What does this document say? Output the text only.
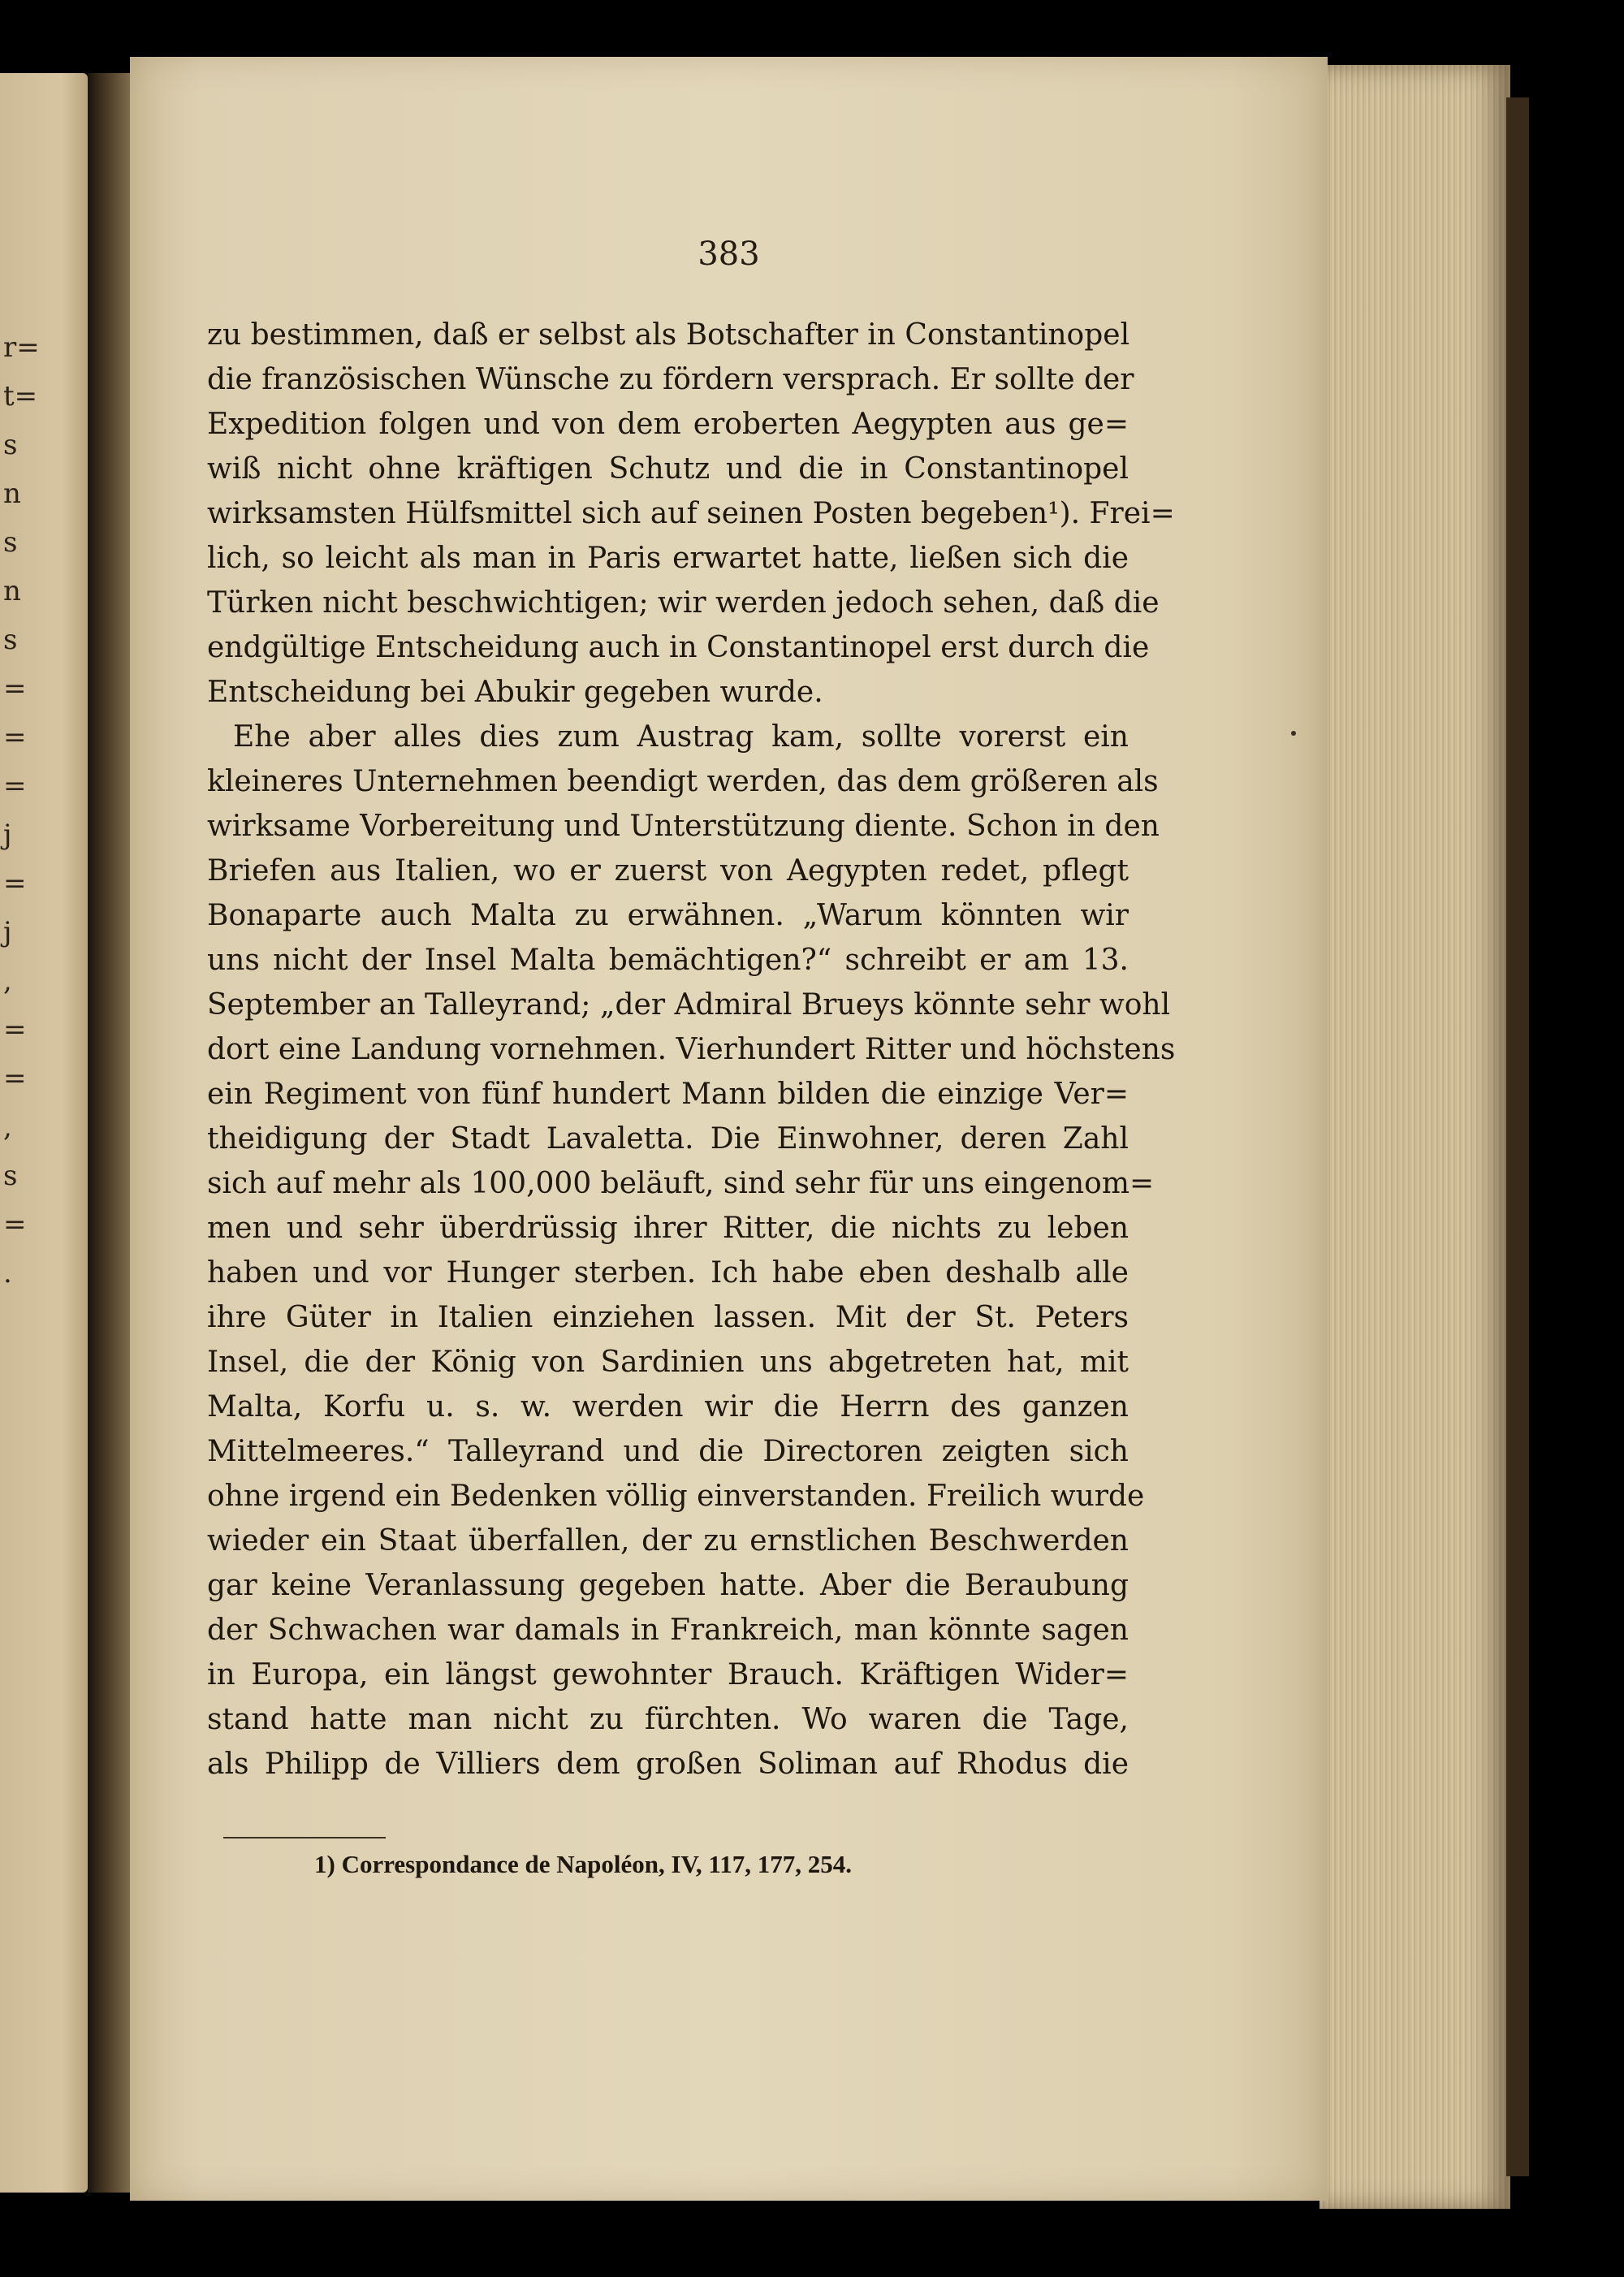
r=
t=
s
n
s
n
s
=
=
=
j
=
j
,
=
=
,
s
=
.
383
zu bestimmen, daß er selbst als Botschafter in Constantinopel
die französischen Wünsche zu fördern versprach. Er sollte der
Expedition folgen und von dem eroberten Aegypten aus ge=
wiß nicht ohne kräftigen Schutz und die in Constantinopel
wirksamsten Hülfsmittel sich auf seinen Posten begeben¹). Frei=
lich, so leicht als man in Paris erwartet hatte, ließen sich die
Türken nicht beschwichtigen; wir werden jedoch sehen, daß die
endgültige Entscheidung auch in Constantinopel erst durch die
Entscheidung bei Abukir gegeben wurde.
Ehe aber alles dies zum Austrag kam, sollte vorerst ein
kleineres Unternehmen beendigt werden, das dem größeren als
wirksame Vorbereitung und Unterstützung diente. Schon in den
Briefen aus Italien, wo er zuerst von Aegypten redet, pflegt
Bonaparte auch Malta zu erwähnen. „Warum könnten wir
uns nicht der Insel Malta bemächtigen?“ schreibt er am 13.
September an Talleyrand; „der Admiral Brueys könnte sehr wohl
dort eine Landung vornehmen. Vierhundert Ritter und höchstens
ein Regiment von fünf hundert Mann bilden die einzige Ver=
theidigung der Stadt Lavaletta. Die Einwohner, deren Zahl
sich auf mehr als 100,000 beläuft, sind sehr für uns eingenom=
men und sehr überdrüssig ihrer Ritter, die nichts zu leben
haben und vor Hunger sterben. Ich habe eben deshalb alle
ihre Güter in Italien einziehen lassen. Mit der St. Peters
Insel, die der König von Sardinien uns abgetreten hat, mit
Malta, Korfu u. s. w. werden wir die Herrn des ganzen
Mittelmeeres.“ Talleyrand und die Directoren zeigten sich
ohne irgend ein Bedenken völlig einverstanden. Freilich wurde
wieder ein Staat überfallen, der zu ernstlichen Beschwerden
gar keine Veranlassung gegeben hatte. Aber die Beraubung
der Schwachen war damals in Frankreich, man könnte sagen
in Europa, ein längst gewohnter Brauch. Kräftigen Wider=
stand hatte man nicht zu fürchten. Wo waren die Tage,
als Philipp de Villiers dem großen Soliman auf Rhodus die
1) Correspondance de Napoléon, IV, 117, 177, 254.
